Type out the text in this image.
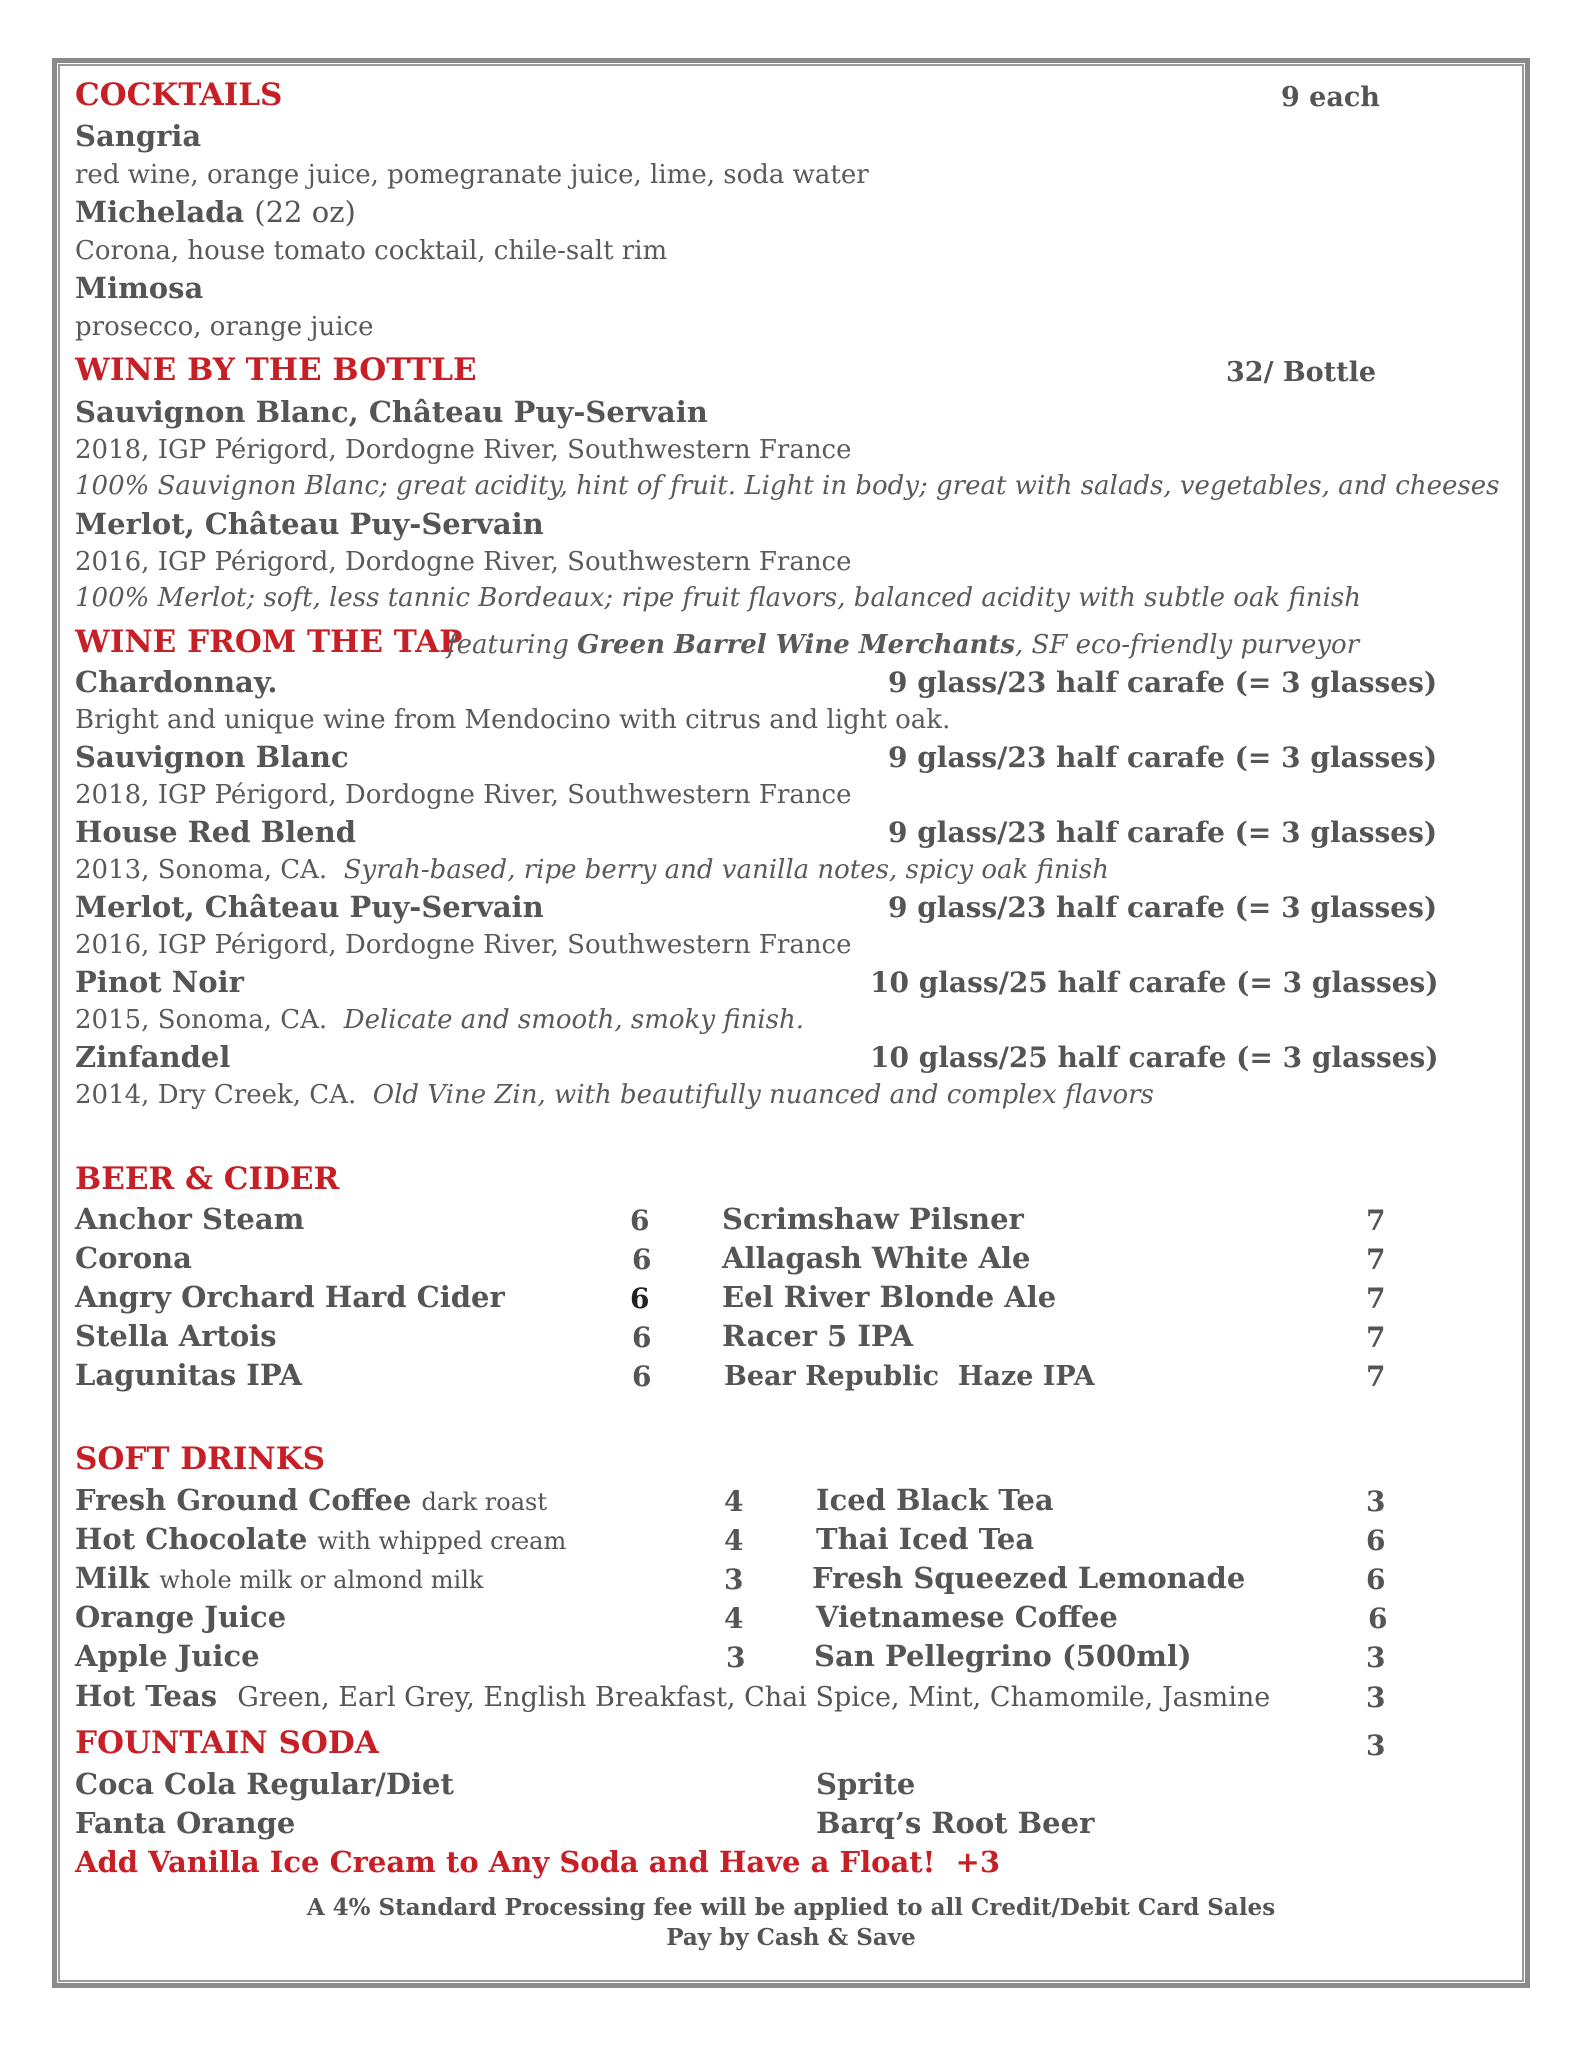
COCKTAILS	9 each
Sangria
red wine, orange juice, pomegranate juice, lime, soda water
Michelada (22 oz)
Corona, house tomato cocktail, chile-salt rim
Mimosa
prosecco, orange juice
WINE BY THE BOTTLE	32/ Bottle
Sauvignon Blanc, Château Puy-Servain
2018, IGP Périgord, Dordogne River, Southwestern France
100% Sauvignon Blanc; great acidity, hint of fruit. Light in body; great with salads, vegetables, and cheeses
Merlot, Château Puy-Servain
2016, IGP Périgord, Dordogne River, Southwestern France
100% Merlot; soft, less tannic Bordeaux; ripe fruit flavors, balanced acidity with subtle oak finish
WINE FROM THE TAP
featuring Green Barrel Wine Merchants, SF eco-friendly purveyor
Chardonnay.	9 glass/23 half carafe (= 3 glasses)
Bright and unique wine from Mendocino with citrus and light oak.
Sauvignon Blanc	9 glass/23 half carafe (= 3 glasses)
2018, IGP Périgord, Dordogne River, Southwestern France
House Red Blend	9 glass/23 half carafe (= 3 glasses)
2013, Sonoma, CA. Syrah-based, ripe berry and vanilla notes, spicy oak finish
Merlot, Château Puy-Servain	9 glass/23 half carafe (= 3 glasses)
2016, IGP Périgord, Dordogne River, Southwestern France
Pinot Noir	10 glass/25 half carafe (= 3 glasses)
2015, Sonoma, CA. Delicate and smooth, smoky finish.
Zinfandel	10 glass/25 half carafe (= 3 glasses)
2014, Dry Creek, CA. Old Vine Zin, with beautifully nuanced and complex flavors
BEER & CIDER
Anchor Steam	6
Corona	6
Angry Orchard Hard Cider	6
Stella Artois	6
Lagunitas IPA	6
Scrimshaw Pilsner	7
Allagash White Ale	7
Eel River Blonde Ale	7
Racer 5 IPA	7
Bear Republic  Haze IPA	7
SOFT DRINKS
Fresh Ground Coffee dark roast	4
Hot Chocolate with whipped cream	4
Milk whole milk or almond milk	3
Orange Juice	4
Apple Juice	3
Iced Black Tea	3
Thai Iced Tea	6
Fresh Squeezed Lemonade	6
Vietnamese Coffee	6
San Pellegrino (500ml)	3
Hot Teas Green, Earl Grey, English Breakfast, Chai Spice, Mint, Chamomile, Jasmine	3
FOUNTAIN SODA	3
Coca Cola Regular/Diet
Fanta Orange
Sprite
Barq’s Root Beer
Add Vanilla Ice Cream to Any Soda and Have a Float!  +3
A 4% Standard Processing fee will be applied to all Credit/Debit Card Sales
Pay by Cash & Save
